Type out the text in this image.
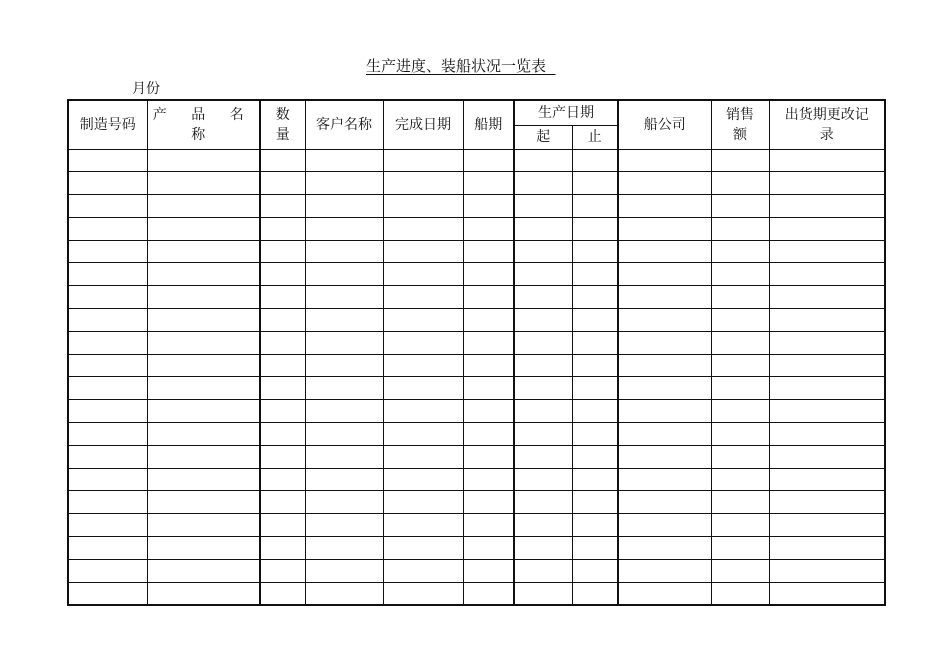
生产进度、装船状况一览表
月份
制造号码	产 品 名 称	数量	客户名称	完成日期	船期	生产日期		船公司	销售额	出货期更改记录
						起	止			
